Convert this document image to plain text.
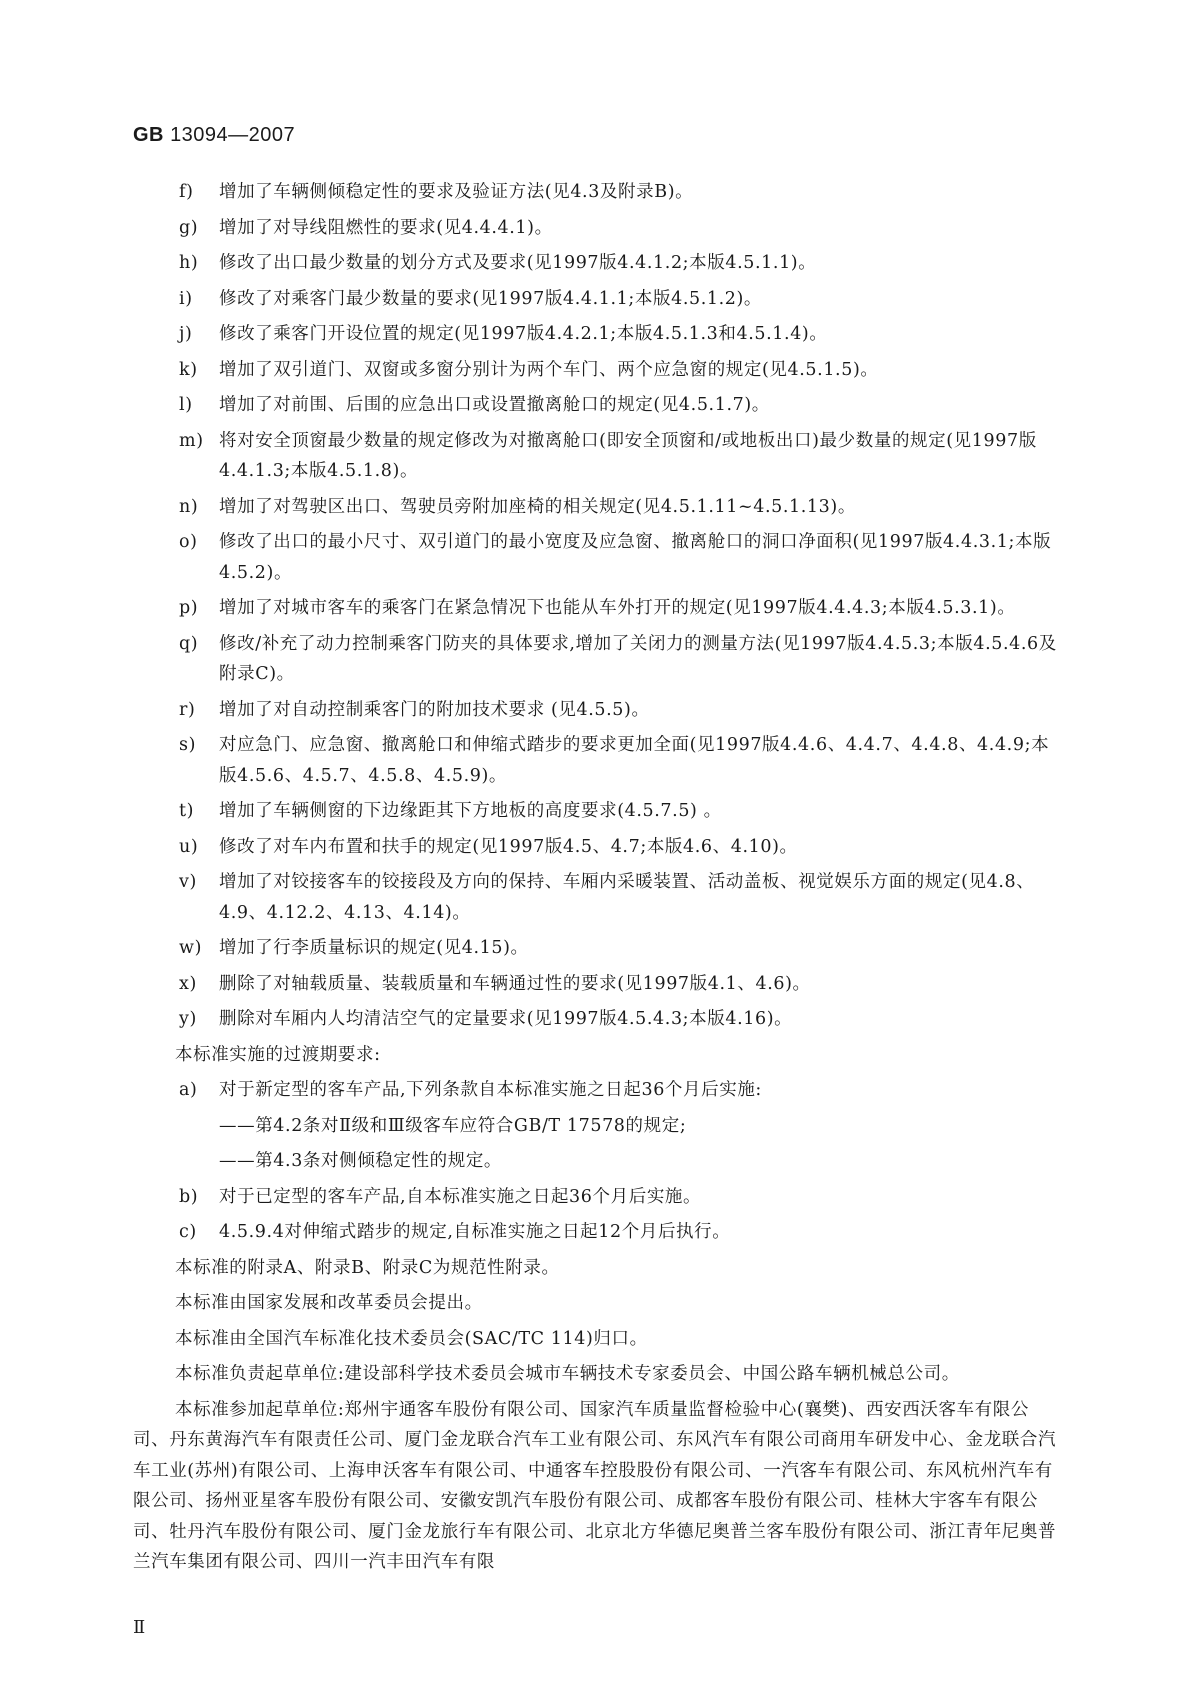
GB 13094—2007
f) 增加了车辆侧倾稳定性的要求及验证方法(见4.3及附录B)。
g) 增加了对导线阻燃性的要求(见4.4.4.1)。
h) 修改了出口最少数量的划分方式及要求(见1997版4.4.1.2;本版4.5.1.1)。
i) 修改了对乘客门最少数量的要求(见1997版4.4.1.1;本版4.5.1.2)。
j) 修改了乘客门开设位置的规定(见1997版4.4.2.1;本版4.5.1.3和4.5.1.4)。
k) 增加了双引道门、双窗或多窗分别计为两个车门、两个应急窗的规定(见4.5.1.5)。
l) 增加了对前围、后围的应急出口或设置撤离舱口的规定(见4.5.1.7)。
m) 将对安全顶窗最少数量的规定修改为对撤离舱口(即安全顶窗和/或地板出口)最少数量的规定(见1997版4.4.1.3;本版4.5.1.8)。
n) 增加了对驾驶区出口、驾驶员旁附加座椅的相关规定(见4.5.1.11~4.5.1.13)。
o) 修改了出口的最小尺寸、双引道门的最小宽度及应急窗、撤离舱口的洞口净面积(见1997版4.4.3.1;本版4.5.2)。
p) 增加了对城市客车的乘客门在紧急情况下也能从车外打开的规定(见1997版4.4.4.3;本版4.5.3.1)。
q) 修改/补充了动力控制乘客门防夹的具体要求,增加了关闭力的测量方法(见1997版4.4.5.3;本版4.5.4.6及附录C)。
r) 增加了对自动控制乘客门的附加技术要求 (见4.5.5)。
s) 对应急门、应急窗、撤离舱口和伸缩式踏步的要求更加全面(见1997版4.4.6、4.4.7、4.4.8、4.4.9;本版4.5.6、4.5.7、4.5.8、4.5.9)。
t) 增加了车辆侧窗的下边缘距其下方地板的高度要求(4.5.7.5) 。
u) 修改了对车内布置和扶手的规定(见1997版4.5、4.7;本版4.6、4.10)。
v) 增加了对铰接客车的铰接段及方向的保持、车厢内采暖装置、活动盖板、视觉娱乐方面的规定(见4.8、4.9、4.12.2、4.13、4.14)。
w) 增加了行李质量标识的规定(见4.15)。
x) 删除了对轴载质量、装载质量和车辆通过性的要求(见1997版4.1、4.6)。
y) 删除对车厢内人均清洁空气的定量要求(见1997版4.5.4.3;本版4.16)。
本标准实施的过渡期要求:
a) 对于新定型的客车产品,下列条款自本标准实施之日起36个月后实施:
——第4.2条对Ⅱ级和Ⅲ级客车应符合GB/T 17578的规定;
——第4.3条对侧倾稳定性的规定。
b) 对于已定型的客车产品,自本标准实施之日起36个月后实施。
c) 4.5.9.4对伸缩式踏步的规定,自标准实施之日起12个月后执行。
本标准的附录A、附录B、附录C为规范性附录。
本标准由国家发展和改革委员会提出。
本标准由全国汽车标准化技术委员会(SAC/TC 114)归口。
本标准负责起草单位:建设部科学技术委员会城市车辆技术专家委员会、中国公路车辆机械总公司。
本标准参加起草单位:郑州宇通客车股份有限公司、国家汽车质量监督检验中心(襄樊)、西安西沃客车有限公司、丹东黄海汽车有限责任公司、厦门金龙联合汽车工业有限公司、东风汽车有限公司商用车研发中心、金龙联合汽车工业(苏州)有限公司、上海申沃客车有限公司、中通客车控股股份有限公司、一汽客车有限公司、东风杭州汽车有限公司、扬州亚星客车股份有限公司、安徽安凯汽车股份有限公司、成都客车股份有限公司、桂林大宇客车有限公司、牡丹汽车股份有限公司、厦门金龙旅行车有限公司、北京北方华德尼奥普兰客车股份有限公司、浙江青年尼奥普兰汽车集团有限公司、四川一汽丰田汽车有限
Ⅱ
